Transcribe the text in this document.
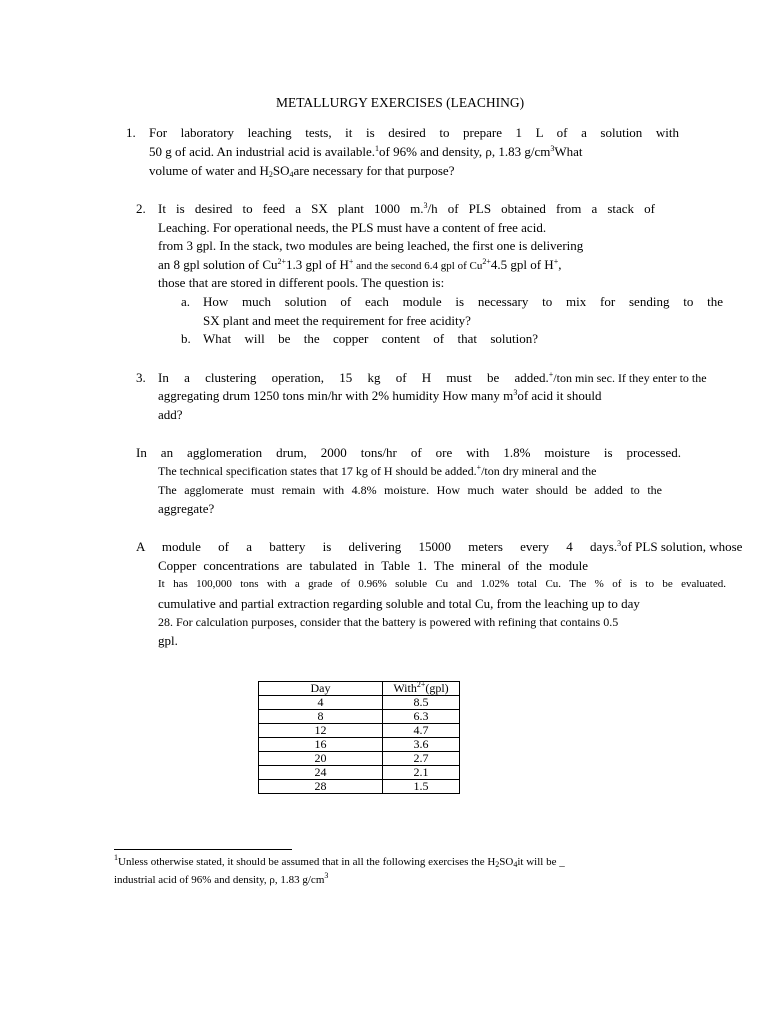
METALLURGY EXERCISES (LEACHING)
1. For laboratory leaching tests, it is desired to prepare 1 L of a solution with
50 g of acid. An industrial acid is available.$^1$of 96% and density, ρ, 1.83 $g/cm^3What$
volume of water and $H_2SO_4are$ necessary for that purpose?
2. It is desired to feed a SX plant 1000 m.$^3$/h of PLS obtained from a stack of
Leaching. For operational needs, the PLS must have a content of free acid.
from 3 gpl. In the stack, two modules are being leached, the first one is delivering
an 8 gpl solution of $Cu^{2+}1.3$ gpl of H+ and the second 6.4 gpl of $Cu^{2+}4.5$ gpl of H+,
those that are stored in different pools. The question is:
a. How much solution of each module is necessary to mix for sending to the
SX plant and meet the requirement for free acidity?
b. What will be the copper content of that solution?
3. In a clustering operation, 15 kg of H must be added.+/ton min sec. If they enter to the
aggregating drum 1250 tons min/hr with 2% humidity How many $m^3of$ acid it should
add?
In an agglomeration drum, 2000 tons/hr of ore with 1.8% moisture is processed.
The technical specification states that 17 kg of H should be added.+/ton dry mineral and the
The agglomerate must remain with 4.8% moisture. How much water should be added to the
aggregate?
A module of a battery is delivering 15000 meters every 4 days.$^3$of PLS solution, whose
Copper concentrations are tabulated in Table 1. The mineral of the module
It has 100,000 tons with a grade of 0.96% soluble Cu and 1.02% total Cu. The % of is to be evaluated.
cumulative and partial extraction regarding soluble and total Cu, from the leaching up to day
28. For calculation purposes, consider that the battery is powered with refining that contains 0.5
gpl.
Day	With$^{2+}$(gpl)
4	8.5
8	6.3
12	4.7
16	3.6
20	2.7
24	2.1
28	1.5
$^1$Unless otherwise stated, it should be assumed that in all the following exercises the $H_2SO_4it$ will be _
industrial acid of 96% and density, ρ, 1.83 $g/cm^3$
